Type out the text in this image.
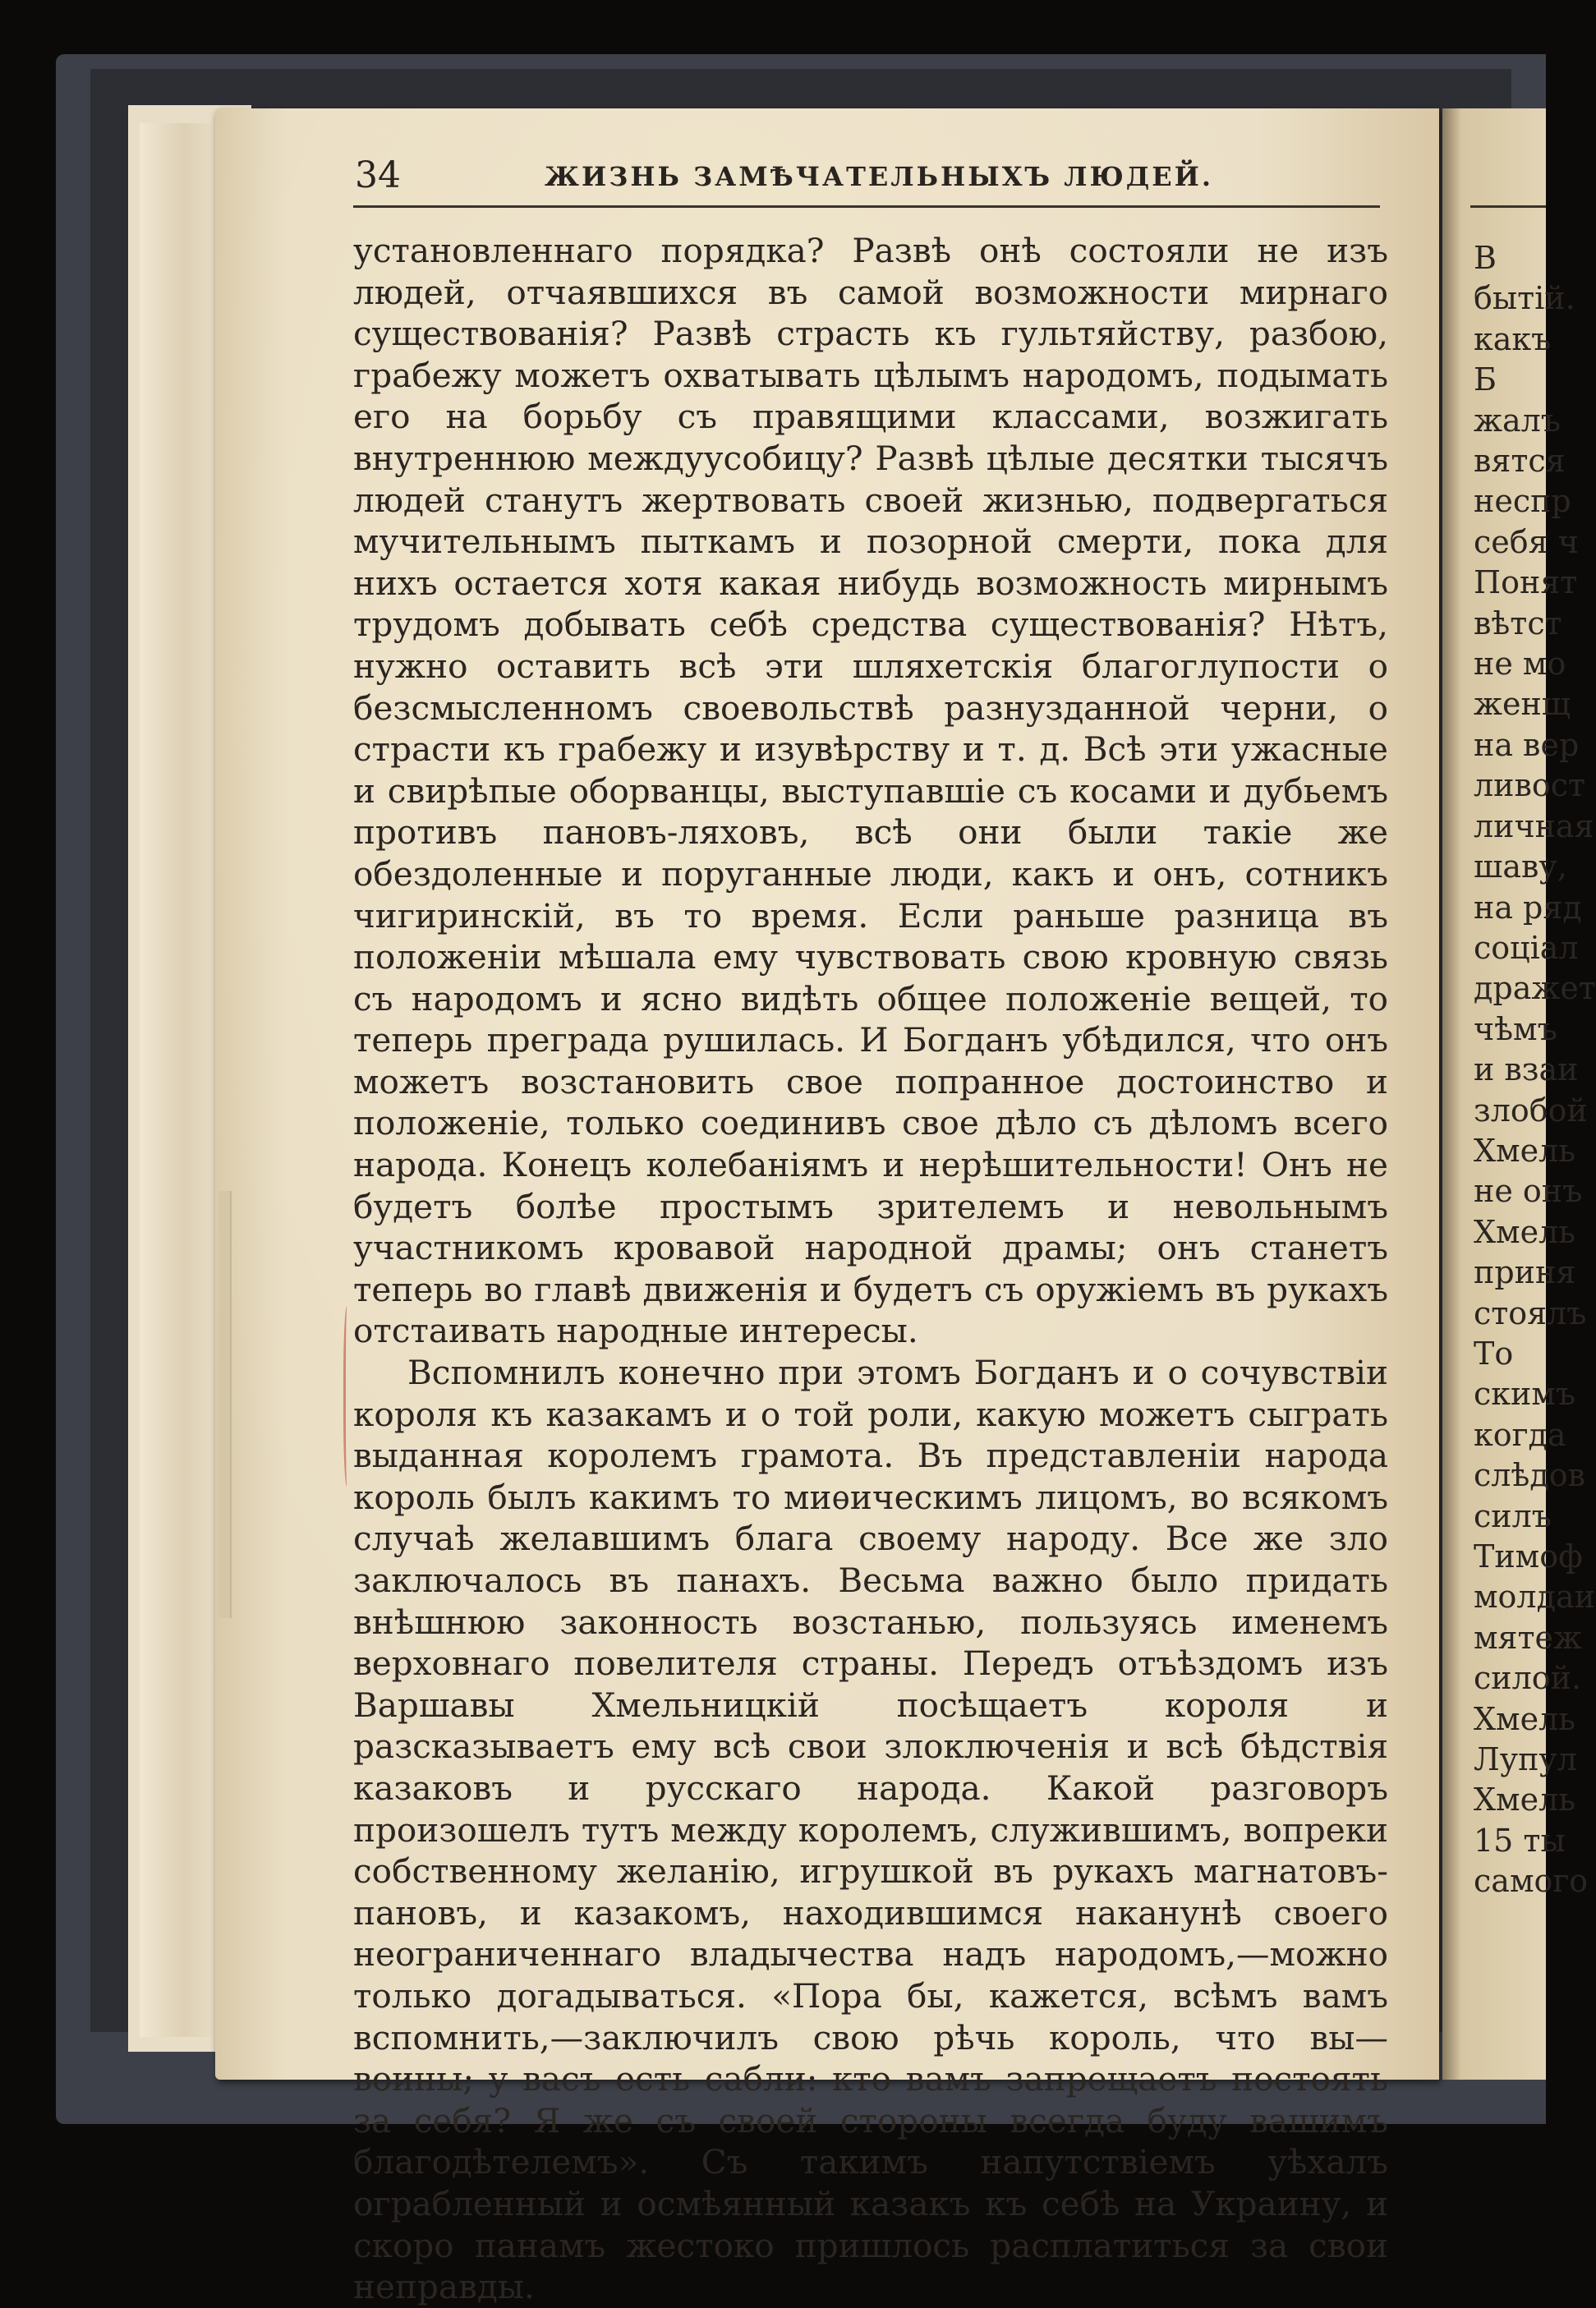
34	ЖИЗНЬ ЗАМѢЧАТЕЛЬНЫХЪ ЛЮДЕЙ.

установленнаго порядка? Развѣ онѣ состояли не изъ людей, отчаявшихся въ самой возможности мирнаго существованія? Развѣ страсть къ гультяйству, разбою, грабежу можетъ охватывать цѣлымъ народомъ, подымать его на борьбу съ правящими классами, возжигать внутреннюю междуусобицу? Развѣ цѣлые десятки тысячъ людей станутъ жертвовать своей жизнью, подвергаться мучительнымъ пыткамъ и позорной смерти, пока для нихъ остается хотя какая нибудь возможность мирнымъ трудомъ добывать себѣ средства существованія? Нѣтъ, нужно оставить всѣ эти шляхетскія благоглупости о безсмысленномъ своевольствѣ разнузданной черни, о страсти къ грабежу и изувѣрству и т. д. Всѣ эти ужасные и свирѣпые оборванцы, выступавшіе съ косами и дубьемъ противъ пановъ-ляховъ, всѣ они были такіе же обездоленные и поруганные люди, какъ и онъ, сотникъ чигиринскій, въ то время. Если раньше разница въ положеніи мѣшала ему чувствовать свою кровную связь съ народомъ и ясно видѣть общее положеніе вещей, то теперь преграда рушилась. И Богданъ убѣдился, что онъ можетъ возстановить свое попранное достоинство и положеніе, только соединивъ свое дѣло съ дѣломъ всего народа. Конецъ колебаніямъ и нерѣшительности! Онъ не будетъ болѣе простымъ зрителемъ и невольнымъ участникомъ кровавой народной драмы; онъ станетъ теперь во главѣ движенія и будетъ съ оружіемъ въ рукахъ отстаивать народные интересы.

Вспомнилъ конечно при этомъ Богданъ и о сочувствіи короля къ казакамъ и о той роли, какую можетъ сыграть выданная королемъ грамота. Въ представленіи народа король былъ какимъ то миѳическимъ лицомъ, во всякомъ случаѣ желавшимъ блага своему народу. Все же зло заключалось въ панахъ. Весьма важно было придать внѣшнюю законность возстанью, пользуясь именемъ верховнаго повелителя страны. Передъ отъѣздомъ изъ Варшавы Хмельницкій посѣщаетъ короля и разсказываетъ ему всѣ свои злоключенія и всѣ бѣдствія казаковъ и русскаго народа. Какой разговоръ произошелъ тутъ между королемъ, служившимъ, вопреки собственному желанію, игрушкой въ рукахъ магнатовъ-пановъ, и казакомъ, находившимся наканунѣ своего неограниченнаго владычества надъ народомъ,—можно только догадываться. «Пора бы, кажется, всѣмъ вамъ вспомнить,—заключилъ свою рѣчь король, что вы—воины; у васъ есть сабли: кто вамъ запрещаетъ постоять за себя? Я же съ своей стороны всегда буду вашимъ благодѣтелемъ». Съ такимъ напутствіемъ уѣхалъ ограбленный и осмѣянный казакъ къ себѣ на Украину, и скоро панамъ жестоко пришлось расплатиться за свои неправды.

В
бытій.
какъ
Б
жалъ
вятся
неспр
себя ч
Понят
вѣтст
не мо
женщ
на вер
ливост
личная
шаву,
на ряд
соціал
дражет
чѣмъ
и взаи
злобой
Хмель
не онъ
Хмель
приня
стоялъ
То
скимъ
когда
слѣдов
силъ
Тимоф
молдаи
мятеж
силой.
Хмель
Лупул
Хмель
15 ты
самого
